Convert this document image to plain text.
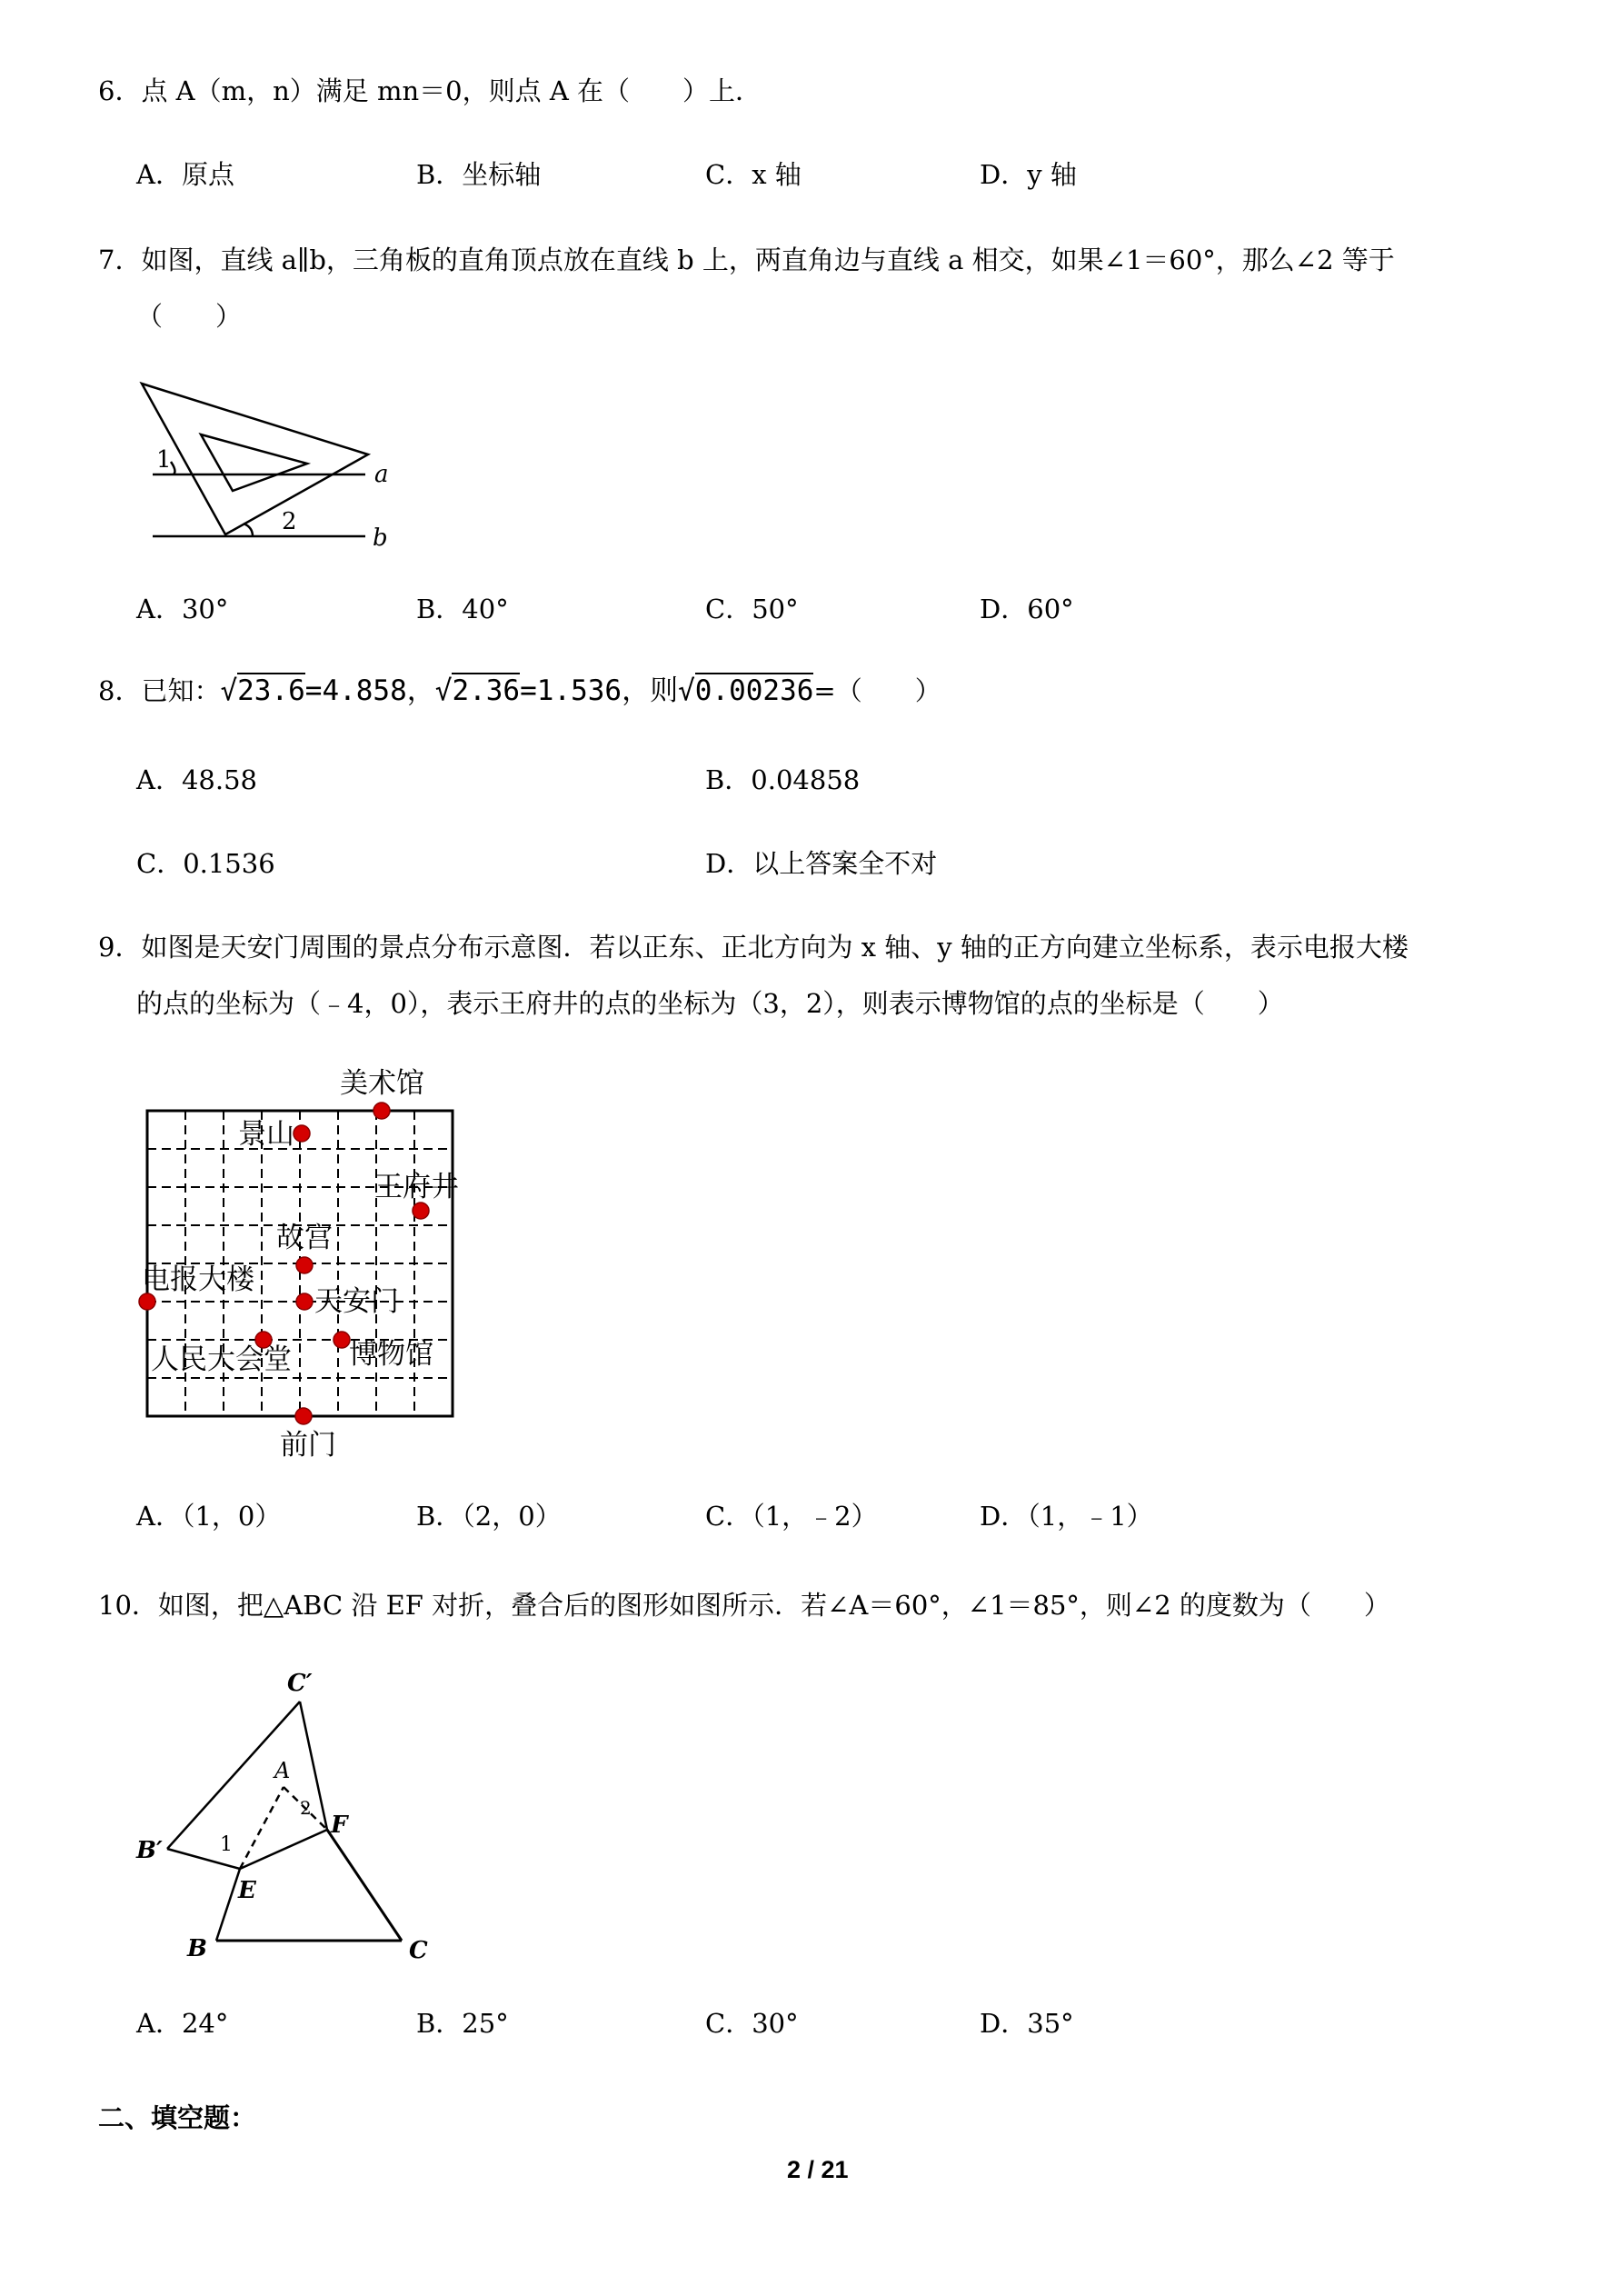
6．点 A（m，n）满足 mn＝0，则点 A 在（　　）上．
A．原点	B．坐标轴	C．x 轴	D．y 轴
7．如图，直线 a∥b，三角板的直角顶点放在直线 b 上，两直角边与直线 a 相交，如果∠1＝60°，那么∠2 等于
（　　）
1
2
a
b
A．30°	B．40°	C．50°	D．60°
8．已知：√23.6=4.858，√2.36=1.536，则√0.00236=（　　）
A．48.58	B．0.04858
C．0.1536	D．以上答案全不对
9．如图是天安门周围的景点分布示意图．若以正东、正北方向为 x 轴、y 轴的正方向建立坐标系，表示电报大楼
的点的坐标为（﹣4，0），表示王府井的点的坐标为（3，2），则表示博物馆的点的坐标是（　　）
美术馆
景山
王府井
故宫
电报大楼
天安门
人民大会堂 博物馆
前门
A．（1，0）	B．（2，0）	C．（1，﹣2）	D．（1，﹣1）
10．如图，把△ABC 沿 EF 对折，叠合后的图形如图所示．若∠A＝60°，∠1＝85°，则∠2 的度数为（　　）
C′
A
2
F
B′	1
E
B	C
A．24°	B．25°	C．30°	D．35°
二、填空题：
2 / 21
